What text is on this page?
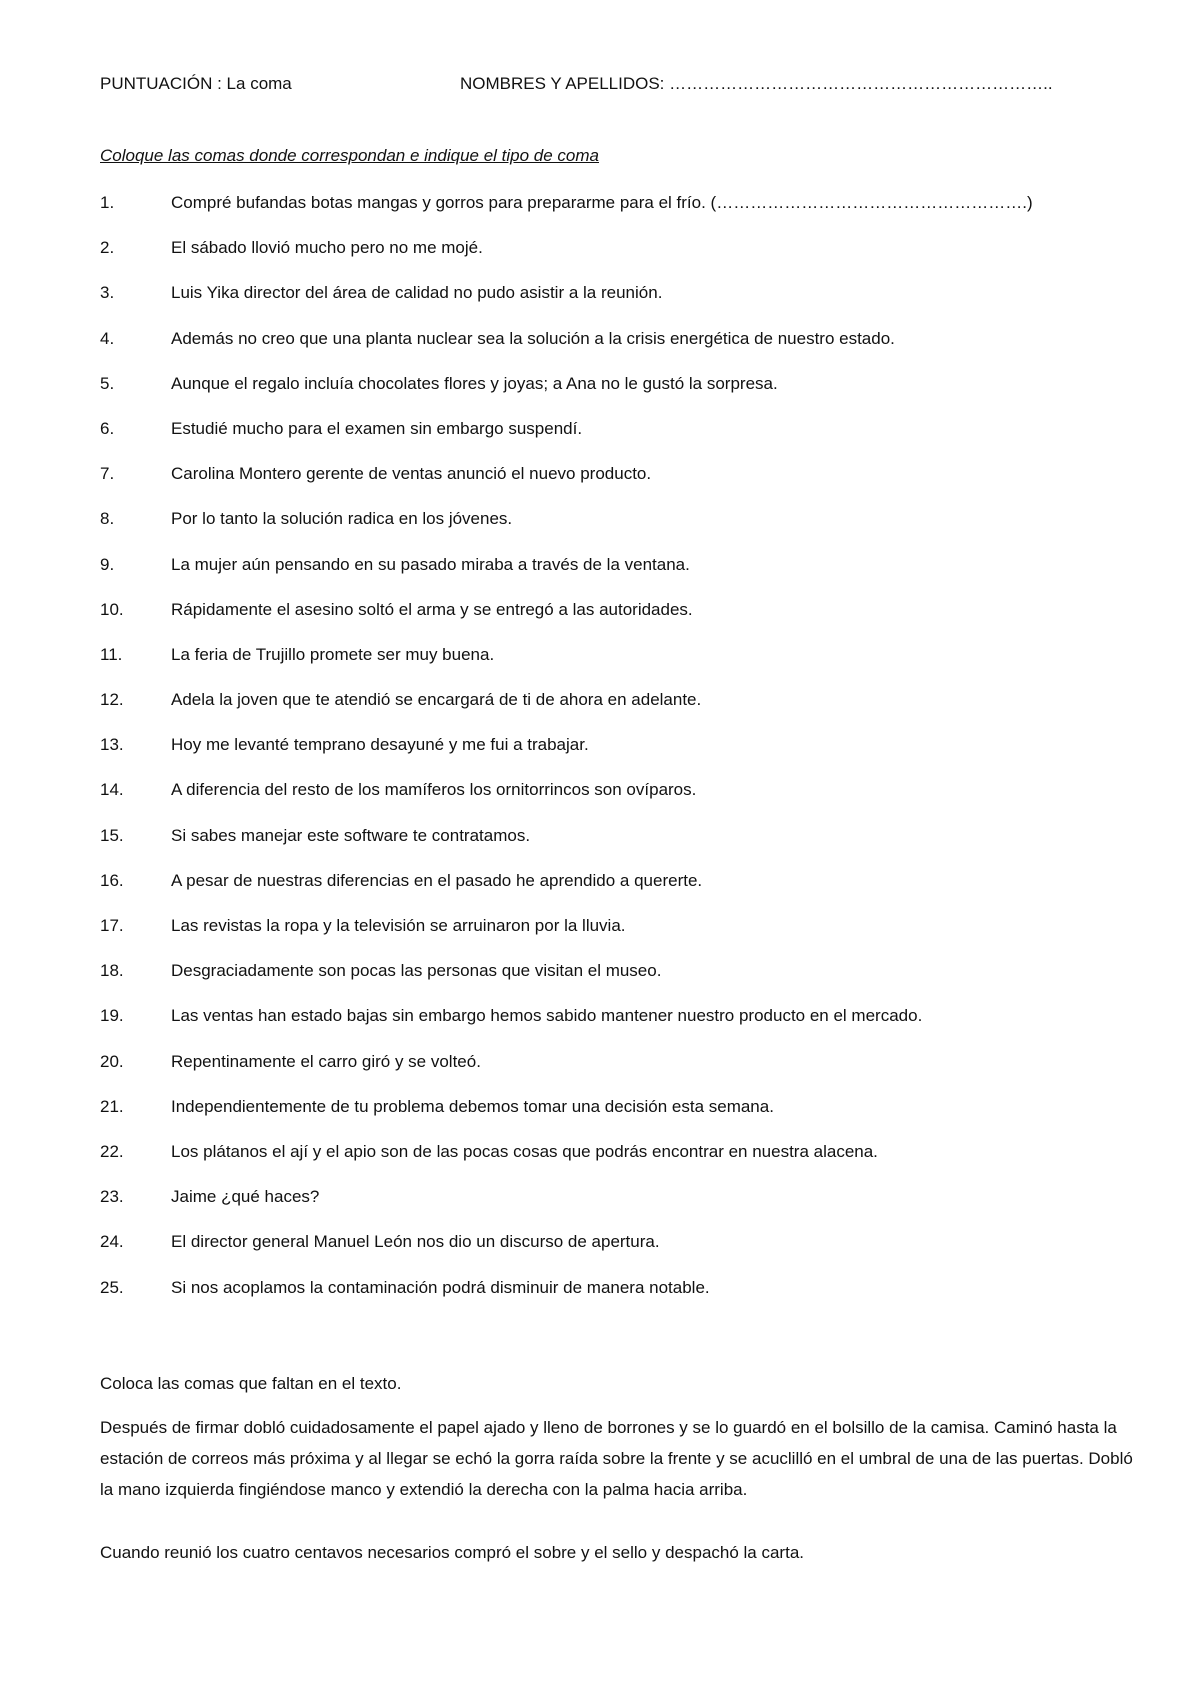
PUNTUACIÓN : La coma	NOMBRES Y APELLIDOS: …………………………………………………………..
Coloque las comas donde correspondan e indique el tipo de coma
1.	Compré bufandas botas mangas y gorros para prepararme para el frío. (……………………………………………….)
2.	El sábado llovió mucho pero no me mojé.
3.	Luis Yika director del área de calidad no pudo asistir a la reunión.
4.	Además no creo que una planta nuclear sea la solución a la crisis energética de nuestro estado.
5.	Aunque el regalo incluía chocolates flores y joyas; a Ana no le gustó la sorpresa.
6.	Estudié mucho para el examen sin embargo suspendí.
7.	Carolina Montero gerente de ventas anunció el nuevo producto.
8.	Por lo tanto la solución radica en los jóvenes.
9.	La mujer aún pensando en su pasado miraba a través de la ventana.
10.	Rápidamente el asesino soltó el arma y se entregó a las autoridades.
11.	La feria de Trujillo promete ser muy buena.
12.	Adela la joven que te atendió se encargará de ti de ahora en adelante.
13.	Hoy me levanté temprano desayuné y me fui a trabajar.
14.	A diferencia del resto de los mamíferos los ornitorrincos son ovíparos.
15.	Si sabes manejar este software te contratamos.
16.	A pesar de nuestras diferencias en el pasado he aprendido a quererte.
17.	Las revistas la ropa y la televisión se arruinaron por la lluvia.
18.	Desgraciadamente son pocas las personas que visitan el museo.
19.	Las ventas han estado bajas sin embargo hemos sabido mantener nuestro producto en el mercado.
20.	Repentinamente el carro giró y se volteó.
21.	Independientemente de tu problema debemos tomar una decisión esta semana.
22.	Los plátanos el ají y el apio son de las pocas cosas que podrás encontrar en nuestra alacena.
23.	Jaime ¿qué haces?
24.	El director general Manuel León nos dio un discurso de apertura.
25.	Si nos acoplamos la contaminación podrá disminuir de manera notable.
Coloca las comas que faltan en el texto.

Después de firmar dobló cuidadosamente el papel ajado y lleno de borrones y se lo guardó en el bolsillo de la camisa. Caminó hasta la estación de correos más próxima y al llegar se echó la gorra raída sobre la frente y se acuclilló en el umbral de una de las puertas. Dobló la mano izquierda fingiéndose manco y extendió la derecha con la palma hacia arriba.

Cuando reunió los cuatro centavos necesarios compró el sobre y el sello y despachó la carta.
